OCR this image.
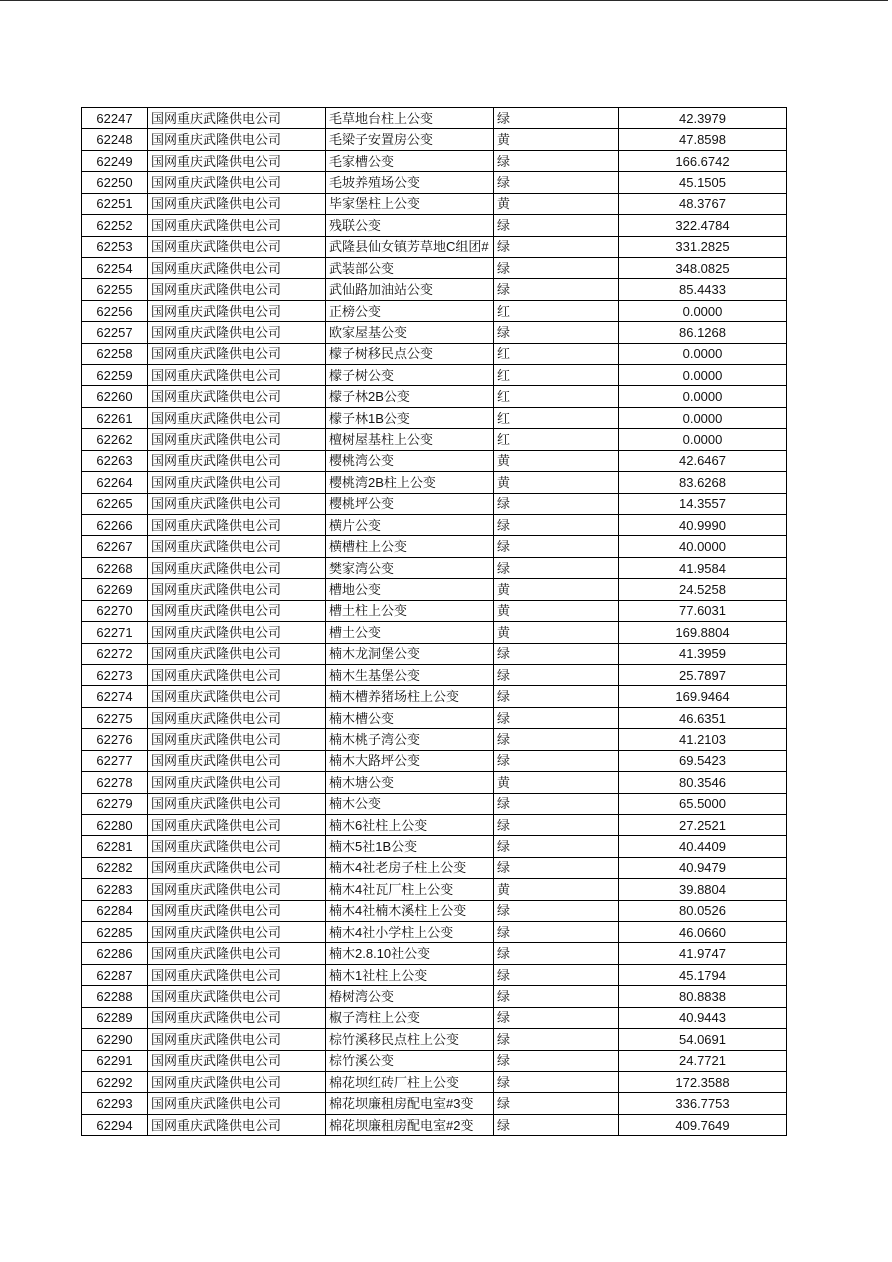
62247	国网重庆武隆供电公司	毛草地台柱上公变	绿	42.3979
62248	国网重庆武隆供电公司	毛梁子安置房公变	黄	47.8598
62249	国网重庆武隆供电公司	毛家槽公变	绿	166.6742
62250	国网重庆武隆供电公司	毛坡养殖场公变	绿	45.1505
62251	国网重庆武隆供电公司	毕家堡柱上公变	黄	48.3767
62252	国网重庆武隆供电公司	残联公变	绿	322.4784
62253	国网重庆武隆供电公司	武隆县仙女镇芳草地C组团#	绿	331.2825
62254	国网重庆武隆供电公司	武装部公变	绿	348.0825
62255	国网重庆武隆供电公司	武仙路加油站公变	绿	85.4433
62256	国网重庆武隆供电公司	正榜公变	红	0.0000
62257	国网重庆武隆供电公司	欧家屋基公变	绿	86.1268
62258	国网重庆武隆供电公司	檬子树移民点公变	红	0.0000
62259	国网重庆武隆供电公司	檬子树公变	红	0.0000
62260	国网重庆武隆供电公司	檬子林2B公变	红	0.0000
62261	国网重庆武隆供电公司	檬子林1B公变	红	0.0000
62262	国网重庆武隆供电公司	檀树屋基柱上公变	红	0.0000
62263	国网重庆武隆供电公司	樱桃湾公变	黄	42.6467
62264	国网重庆武隆供电公司	樱桃湾2B柱上公变	黄	83.6268
62265	国网重庆武隆供电公司	樱桃坪公变	绿	14.3557
62266	国网重庆武隆供电公司	横片公变	绿	40.9990
62267	国网重庆武隆供电公司	横槽柱上公变	绿	40.0000
62268	国网重庆武隆供电公司	樊家湾公变	绿	41.9584
62269	国网重庆武隆供电公司	槽地公变	黄	24.5258
62270	国网重庆武隆供电公司	槽土柱上公变	黄	77.6031
62271	国网重庆武隆供电公司	槽土公变	黄	169.8804
62272	国网重庆武隆供电公司	楠木龙洞堡公变	绿	41.3959
62273	国网重庆武隆供电公司	楠木生基堡公变	绿	25.7897
62274	国网重庆武隆供电公司	楠木槽养猪场柱上公变	绿	169.9464
62275	国网重庆武隆供电公司	楠木槽公变	绿	46.6351
62276	国网重庆武隆供电公司	楠木桃子湾公变	绿	41.2103
62277	国网重庆武隆供电公司	楠木大路坪公变	绿	69.5423
62278	国网重庆武隆供电公司	楠木塘公变	黄	80.3546
62279	国网重庆武隆供电公司	楠木公变	绿	65.5000
62280	国网重庆武隆供电公司	楠木6社柱上公变	绿	27.2521
62281	国网重庆武隆供电公司	楠木5社1B公变	绿	40.4409
62282	国网重庆武隆供电公司	楠木4社老房子柱上公变	绿	40.9479
62283	国网重庆武隆供电公司	楠木4社瓦厂柱上公变	黄	39.8804
62284	国网重庆武隆供电公司	楠木4社楠木溪柱上公变	绿	80.0526
62285	国网重庆武隆供电公司	楠木4社小学柱上公变	绿	46.0660
62286	国网重庆武隆供电公司	楠木2.8.10社公变	绿	41.9747
62287	国网重庆武隆供电公司	楠木1社柱上公变	绿	45.1794
62288	国网重庆武隆供电公司	椿树湾公变	绿	80.8838
62289	国网重庆武隆供电公司	椒子湾柱上公变	绿	40.9443
62290	国网重庆武隆供电公司	棕竹溪移民点柱上公变	绿	54.0691
62291	国网重庆武隆供电公司	棕竹溪公变	绿	24.7721
62292	国网重庆武隆供电公司	棉花坝红砖厂柱上公变	绿	172.3588
62293	国网重庆武隆供电公司	棉花坝廉租房配电室#3变	绿	336.7753
62294	国网重庆武隆供电公司	棉花坝廉租房配电室#2变	绿	409.7649
